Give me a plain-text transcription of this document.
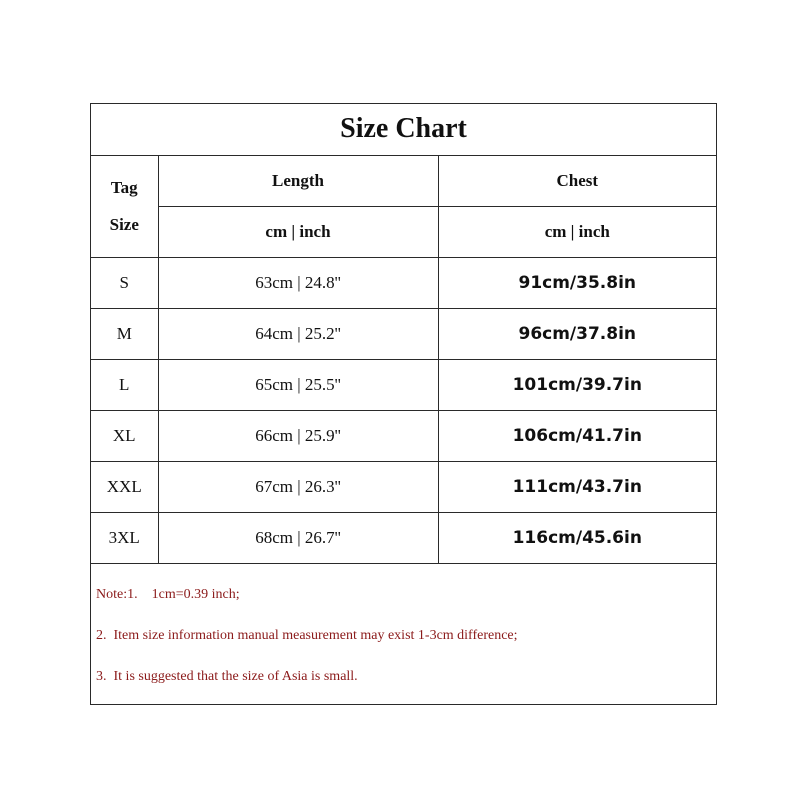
Size Chart		
Tag
Size	Length	Chest
	cm | inch	cm | inch
S	63cm | 24.8''	91cm/35.8in
M	64cm | 25.2''	96cm/37.8in
L	65cm | 25.5''	101cm/39.7in
XL	66cm | 25.9''	106cm/41.7in
XXL	67cm | 26.3''	111cm/43.7in
3XL	68cm | 26.7''	116cm/45.6in
Note:1.    1cm=0.39 inch;
2.  Item size information manual measurement may exist 1-3cm difference;
3.  It is suggested that the size of Asia is small.
